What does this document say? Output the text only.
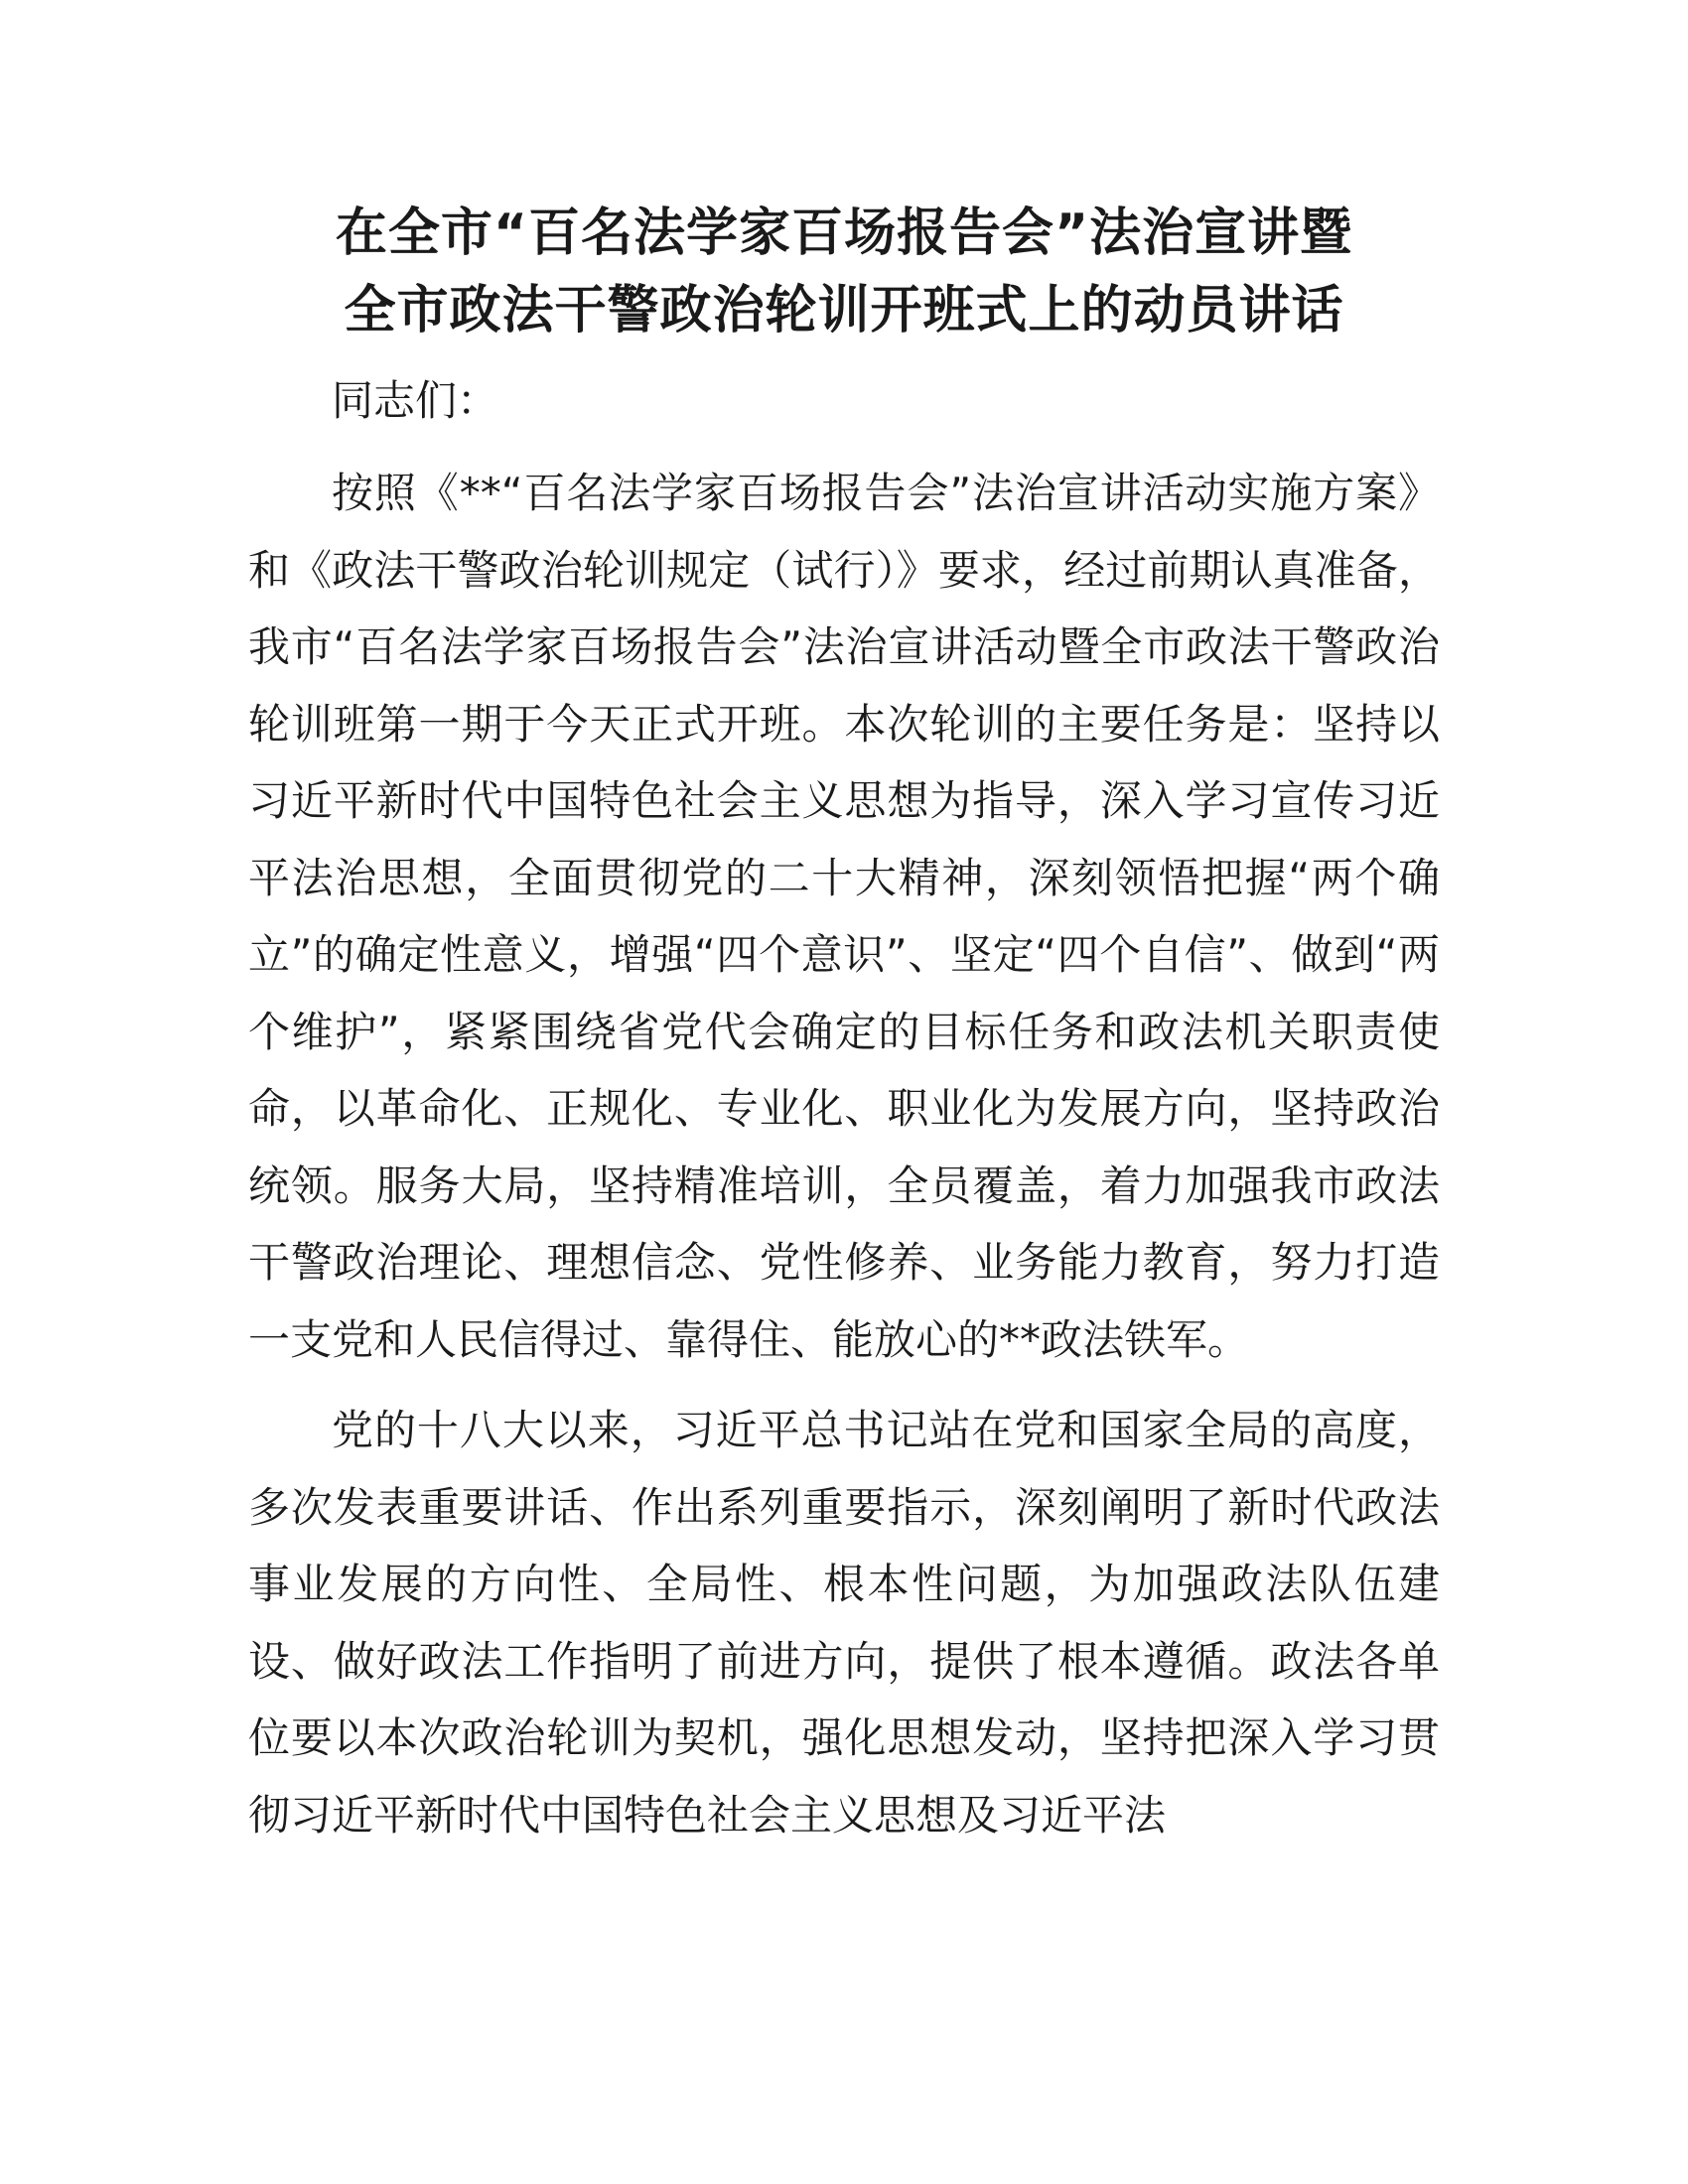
在全市“百名法学家百场报告会”法治宣讲暨
全市政法干警政治轮训开班式上的动员讲话

同志们：

按照《**“百名法学家百场报告会”法治宣讲活动实施方案》和《政法干警政治轮训规定（试行）》要求，经过前期认真准备，我市“百名法学家百场报告会”法治宣讲活动暨全市政法干警政治轮训班第一期于今天正式开班。本次轮训的主要任务是：坚持以习近平新时代中国特色社会主义思想为指导，深入学习宣传习近平法治思想，全面贯彻党的二十大精神，深刻领悟把握“两个确立”的确定性意义，增强“四个意识”、坚定“四个自信”、做到“两个维护”，紧紧围绕省党代会确定的目标任务和政法机关职责使命，以革命化、正规化、专业化、职业化为发展方向，坚持政治统领。服务大局，坚持精准培训，全员覆盖，着力加强我市政法干警政治理论、理想信念、党性修养、业务能力教育，努力打造一支党和人民信得过、靠得住、能放心的**政法铁军。

党的十八大以来，习近平总书记站在党和国家全局的高度，多次发表重要讲话、作出系列重要指示，深刻阐明了新时代政法事业发展的方向性、全局性、根本性问题，为加强政法队伍建设、做好政法工作指明了前进方向，提供了根本遵循。政法各单位要以本次政治轮训为契机，强化思想发动，坚持把深入学习贯彻习近平新时代中国特色社会主义思想及习近平法
